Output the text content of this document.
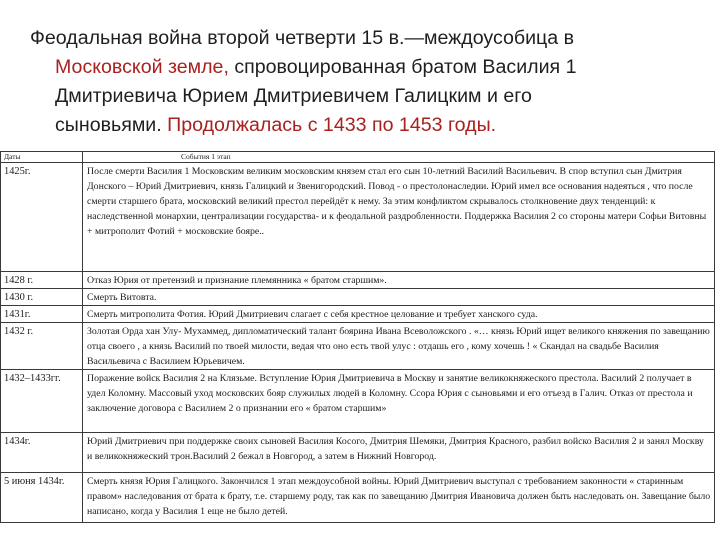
Феодальная война второй четверти 15 в.—междоусобица в
Московской земле, спровоцированная братом Василия 1
Дмитриевича Юрием Дмитриевичем Галицким и его
сыновьями. Продолжалась с 1433 по 1453 годы.
Даты	События 1 этап
1425г.	После смерти Василия 1 Московским великим московским князем стал его сын 10-летний Василий Васильевич. В спор вступил сын Дмитрия Донского – Юрий Дмитриевич, князь Галицкий и Звенигородский. Повод - о престолонаследии. Юрий имел все основания надеяться , что после смерти старшего брата, московский великий престол перейдёт к нему. За этим конфликтом скрывалось столкновение двух тенденций: к наследственной монархии, централизации государства- и к феодальной раздробленности. Поддержка Василия 2 со стороны матери Софьи Витовны + митрополит Фотий + московские бояре..
1428 г.	Отказ Юрия от претензий и признание племянника « братом старшим».
1430 г.	Смерть Витовта.
1431г.	Смерть митрополита Фотия. Юрий Дмитриевич слагает с себя крестное целование и требует ханского суда.
1432 г.	Золотая Орда хан Улу- Мухаммед, дипломатический талант боярина Ивана Всеволожского . «… князь Юрий ищет великого княжения по завещанию отца своего , а князь Василий по твоей милости, ведая что оно есть твой улус : отдашь его , кому хочешь ! « Скандал на свадьбе Василия Васильевича с Василием Юрьевичем.
1432–1433гг.	Поражение войск Василия 2 на Клязьме. Вступление Юрия Дмитриевича в Москву и занятие великокняжеского престола. Василий 2 получает в удел Коломну. Массовый уход московских бояр служилых людей в Коломну. Ссора Юрия с сыновьями и его отъезд в Галич. Отказ от престола и заключение договора с Василием 2 о признании его « братом старшим»
1434г.	Юрий Дмитриевич при поддержке своих сыновей Василия Косого, Дмитрия Шемяки, Дмитрия Красного, разбил войско Василия 2 и занял Москву и великокняжеский трон.Василий 2 бежал в Новгород, а затем в Нижний Новгород.
5 июня 1434г.	Смерть князя Юрия Галицкого. Закончился 1 этап междоусобной войны. Юрий Дмитриевич выступал с требованием законности « старинным правом» наследования от брата к брату, т.е. старшему роду, так как по завещанию Дмитрия Ивановича должен быть наследовать он. Завещание было написано, когда у Василия 1 еще не было детей.
